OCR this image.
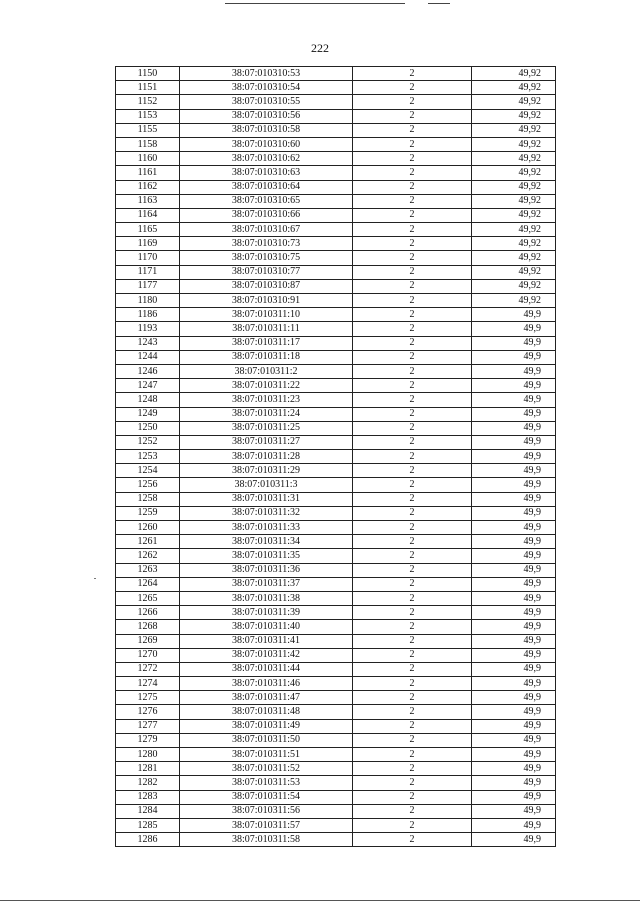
222
1150	38:07:010310:53	2	49,92
1151	38:07:010310:54	2	49,92
1152	38:07:010310:55	2	49,92
1153	38:07:010310:56	2	49,92
1155	38:07:010310:58	2	49,92
1158	38:07:010310:60	2	49,92
1160	38:07:010310:62	2	49,92
1161	38:07:010310:63	2	49,92
1162	38:07:010310:64	2	49,92
1163	38:07:010310:65	2	49,92
1164	38:07:010310:66	2	49,92
1165	38:07:010310:67	2	49,92
1169	38:07:010310:73	2	49,92
1170	38:07:010310:75	2	49,92
1171	38:07:010310:77	2	49,92
1177	38:07:010310:87	2	49,92
1180	38:07:010310:91	2	49,92
1186	38:07:010311:10	2	49,9
1193	38:07:010311:11	2	49,9
1243	38:07:010311:17	2	49,9
1244	38:07:010311:18	2	49,9
1246	38:07:010311:2	2	49,9
1247	38:07:010311:22	2	49,9
1248	38:07:010311:23	2	49,9
1249	38:07:010311:24	2	49,9
1250	38:07:010311:25	2	49,9
1252	38:07:010311:27	2	49,9
1253	38:07:010311:28	2	49,9
1254	38:07:010311:29	2	49,9
1256	38:07:010311:3	2	49,9
1258	38:07:010311:31	2	49,9
1259	38:07:010311:32	2	49,9
1260	38:07:010311:33	2	49,9
1261	38:07:010311:34	2	49,9
1262	38:07:010311:35	2	49,9
1263	38:07:010311:36	2	49,9
1264	38:07:010311:37	2	49,9
1265	38:07:010311:38	2	49,9
1266	38:07:010311:39	2	49,9
1268	38:07:010311:40	2	49,9
1269	38:07:010311:41	2	49,9
1270	38:07:010311:42	2	49,9
1272	38:07:010311:44	2	49,9
1274	38:07:010311:46	2	49,9
1275	38:07:010311:47	2	49,9
1276	38:07:010311:48	2	49,9
1277	38:07:010311:49	2	49,9
1279	38:07:010311:50	2	49,9
1280	38:07:010311:51	2	49,9
1281	38:07:010311:52	2	49,9
1282	38:07:010311:53	2	49,9
1283	38:07:010311:54	2	49,9
1284	38:07:010311:56	2	49,9
1285	38:07:010311:57	2	49,9
1286	38:07:010311:58	2	49,9
